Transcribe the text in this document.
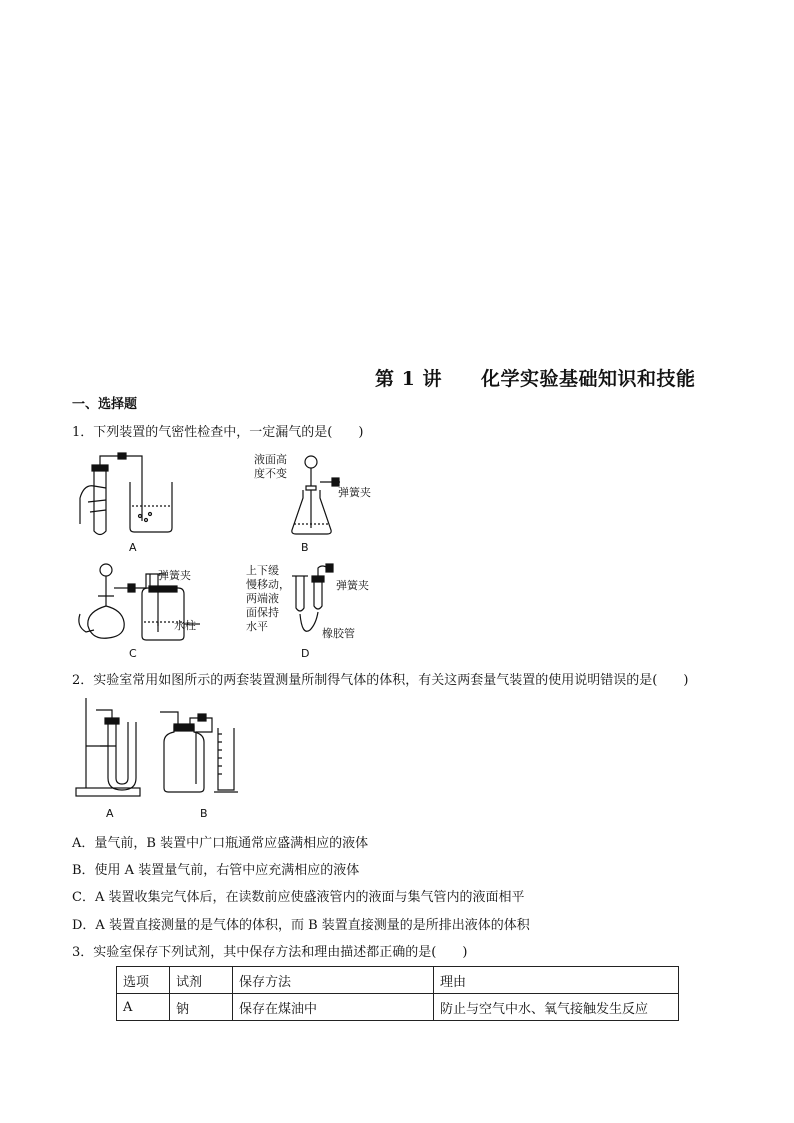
第 1 讲　　化学实验基础知识和技能
一、选择题
1．下列装置的气密性检查中，一定漏气的是(　　)
A	B
C	D
液面高
度不变
弹簧夹
弹簧夹
水柱
上下缓
慢移动，
两端液
面保持
水平
弹簧夹
橡胶管
2．实验室常用如图所示的两套装置测量所制得气体的体积，有关这两套量气装置的使用说明错误的是(　　)
A	B
A．量气前，B 装置中广口瓶通常应盛满相应的液体
B．使用 A 装置量气前，右管中应充满相应的液体
C．A 装置收集完气体后，在读数前应使盛液管内的液面与集气管内的液面相平
D．A 装置直接测量的是气体的体积，而 B 装置直接测量的是所排出液体的体积
3．实验室保存下列试剂，其中保存方法和理由描述都正确的是(　　)
选项	试剂	保存方法	理由
A	钠	保存在煤油中	防止与空气中水、氧气接触发生反应
